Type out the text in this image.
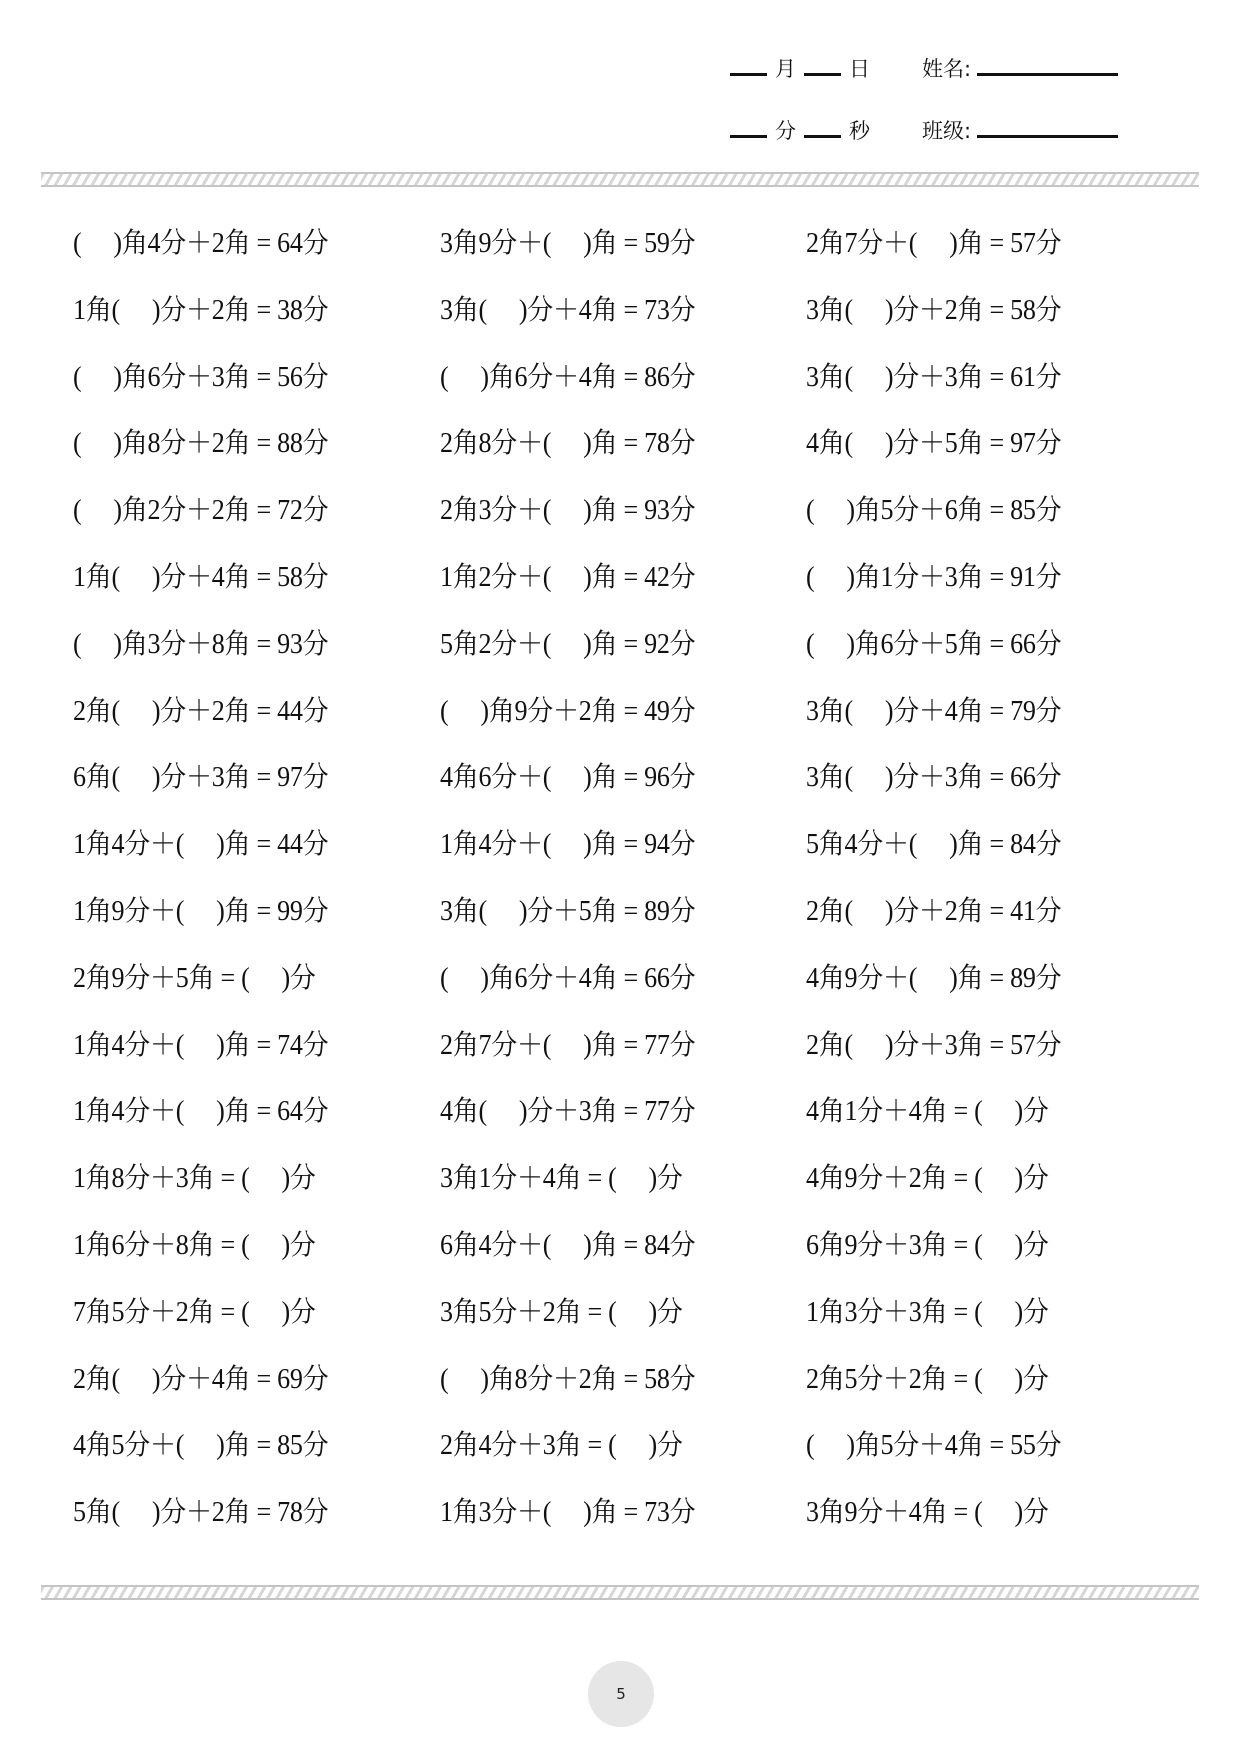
月	日 姓名:
分	秒 班级:
(　 )角4分＋2角 = 64分	3角9分＋(　 )角 = 59分	2角7分＋(　 )角 = 57分
1角(　 )分＋2角 = 38分	3角(　 )分＋4角 = 73分	3角(　 )分＋2角 = 58分
(　 )角6分＋3角 = 56分	(　 )角6分＋4角 = 86分	3角(　 )分＋3角 = 61分
(　 )角8分＋2角 = 88分	2角8分＋(　 )角 = 78分	4角(　 )分＋5角 = 97分
(　 )角2分＋2角 = 72分	2角3分＋(　 )角 = 93分	(　 )角5分＋6角 = 85分
1角(　 )分＋4角 = 58分	1角2分＋(　 )角 = 42分	(　 )角1分＋3角 = 91分
(　 )角3分＋8角 = 93分	5角2分＋(　 )角 = 92分	(　 )角6分＋5角 = 66分
2角(　 )分＋2角 = 44分	(　 )角9分＋2角 = 49分	3角(　 )分＋4角 = 79分
6角(　 )分＋3角 = 97分	4角6分＋(　 )角 = 96分	3角(　 )分＋3角 = 66分
1角4分＋(　 )角 = 44分	1角4分＋(　 )角 = 94分	5角4分＋(　 )角 = 84分
1角9分＋(　 )角 = 99分	3角(　 )分＋5角 = 89分	2角(　 )分＋2角 = 41分
2角9分＋5角 = (　 )分	(　 )角6分＋4角 = 66分	4角9分＋(　 )角 = 89分
1角4分＋(　 )角 = 74分	2角7分＋(　 )角 = 77分	2角(　 )分＋3角 = 57分
1角4分＋(　 )角 = 64分	4角(　 )分＋3角 = 77分	4角1分＋4角 = (　 )分
1角8分＋3角 = (　 )分	3角1分＋4角 = (　 )分	4角9分＋2角 = (　 )分
1角6分＋8角 = (　 )分	6角4分＋(　 )角 = 84分	6角9分＋3角 = (　 )分
7角5分＋2角 = (　 )分	3角5分＋2角 = (　 )分	1角3分＋3角 = (　 )分
2角(　 )分＋4角 = 69分	(　 )角8分＋2角 = 58分	2角5分＋2角 = (　 )分
4角5分＋(　 )角 = 85分	2角4分＋3角 = (　 )分	(　 )角5分＋4角 = 55分
5角(　 )分＋2角 = 78分	1角3分＋(　 )角 = 73分	3角9分＋4角 = (　 )分
5
